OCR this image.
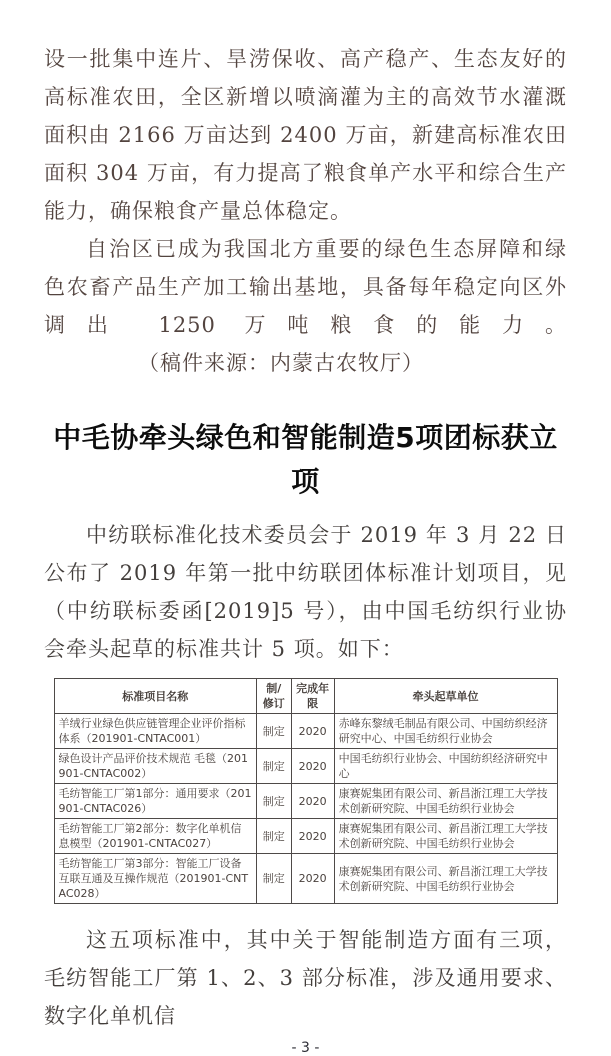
设一批集中连片、旱涝保收、高产稳产、生态友好的高标准农田，全区新增以喷滴灌为主的高效节水灌溉面积由 2166 万亩达到 2400 万亩，新建高标准农田面积 304 万亩，有力提高了粮食单产水平和综合生产能力，确保粮食产量总体稳定。

自治区已成为我国北方重要的绿色生态屏障和绿色农畜产品生产加工输出基地，具备每年稳定向区外调出 1250 万吨粮食的能力。（稿件来源：内蒙古农牧厅）

中毛协牵头绿色和智能制造5项团标获立项

中纺联标准化技术委员会于 2019 年 3 月 22 日公布了 2019 年第一批中纺联团体标准计划项目，见（中纺联标委函[2019]5 号），由中国毛纺织行业协会牵头起草的标准共计 5 项。如下：

标准项目名称	制/修订	完成年限	牵头起草单位
羊绒行业绿色供应链管理企业评价指标体系（201901-CNTAC001）	制定	2020	赤峰东黎绒毛制品有限公司、中国纺织经济研究中心、中国毛纺织行业协会
绿色设计产品评价技术规范 毛毯（201901-CNTAC002）	制定	2020	中国毛纺织行业协会、中国纺织经济研究中心
毛纺智能工厂第1部分：通用要求（201901-CNTAC026）	制定	2020	康赛妮集团有限公司、新昌浙江理工大学技术创新研究院、中国毛纺织行业协会
毛纺智能工厂第2部分：数字化单机信息模型（201901-CNTAC027）	制定	2020	康赛妮集团有限公司、新昌浙江理工大学技术创新研究院、中国毛纺织行业协会
毛纺智能工厂第3部分：智能工厂设备互联互通及互操作规范（201901-CNTAC028）	制定	2020	康赛妮集团有限公司、新昌浙江理工大学技术创新研究院、中国毛纺织行业协会

这五项标准中，其中关于智能制造方面有三项，毛纺智能工厂第 1、2、3 部分标准，涉及通用要求、数字化单机信

- 3 -
